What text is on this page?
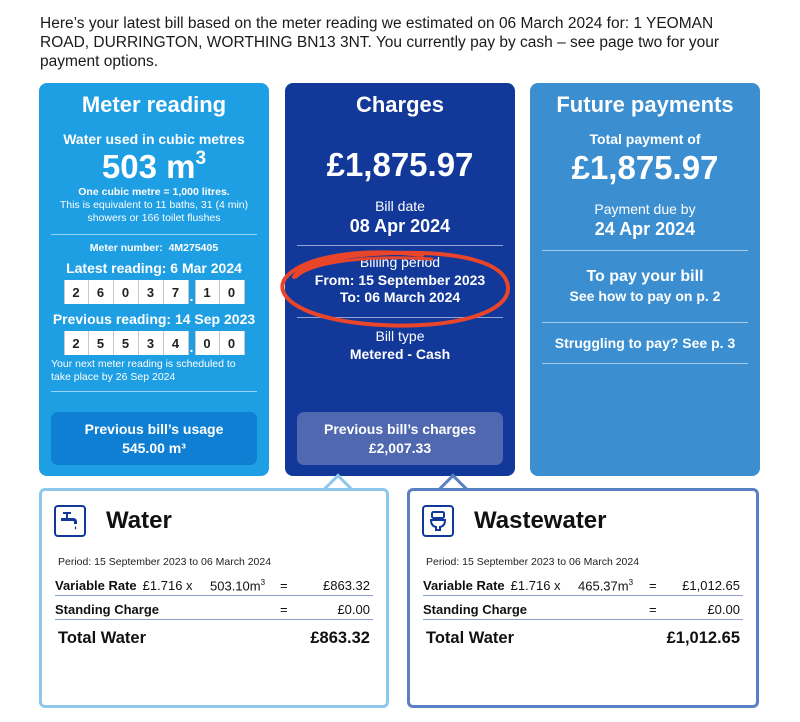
Here’s your latest bill based on the meter reading we estimated on 06 March 2024 for: 1 YEOMAN ROAD, DURRINGTON, WORTHING BN13 3NT. You currently pay by cash – see page two for your payment options.

Meter reading
Water used in cubic metres
503 $m^3$
One cubic metre = 1,000 litres.
This is equivalent to 11 baths, 31 (4 min) showers or 166 toilet flushes
Meter number: 4M275405
Latest reading: 6 Mar 2024
2	6	0	3	7 . 1	0
Previous reading: 14 Sep 2023
2	5	5	3	4 . 0	0
Your next meter reading is scheduled to take place by 26 Sep 2024
Previous bill’s usage
545.00 m³
Charges
£1,875.97
Bill date
08 Apr 2024
Billing period
From: 15 September 2023
To: 06 March 2024
Bill type
Metered - Cash
Previous bill’s charges
£2,007.33
Future payments
Total payment of
£1,875.97
Payment due by
24 Apr 2024
To pay your bill
See how to pay on p. 2
Struggling to pay? See p. 3
Water
Period: 15 September 2023 to 06 March 2024
Variable Rate £1.716 x $503.10m^3$ =	£863.32
Standing Charge	=	£0.00
Total Water	£863.32
Wastewater
Period: 15 September 2023 to 06 March 2024
Variable Rate £1.716 x $465.37m^3$ = £1,012.65
Standing Charge	=	£0.00
Total Water	£1,012.65
